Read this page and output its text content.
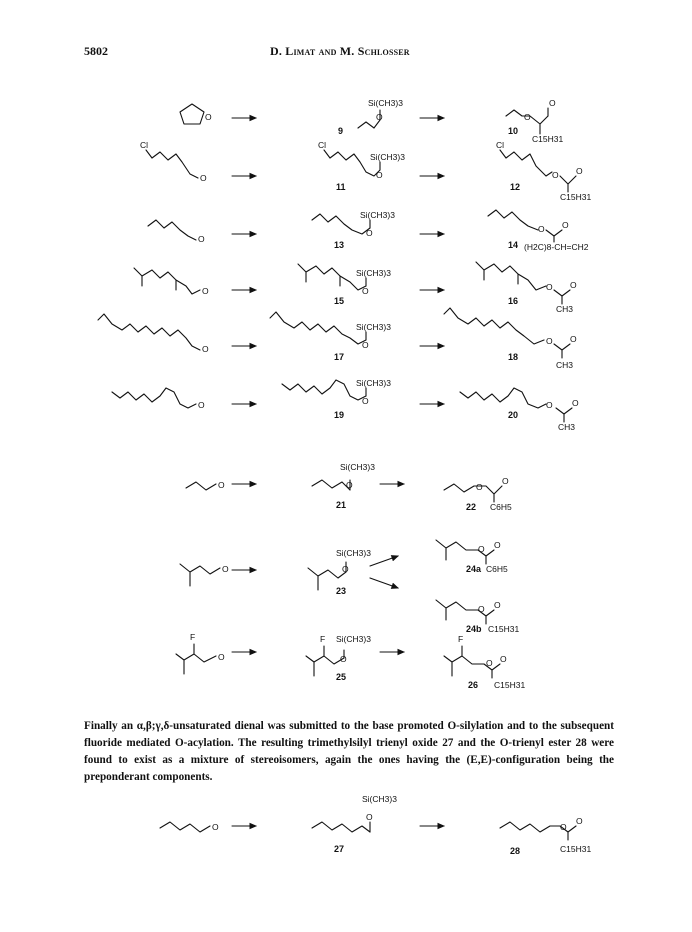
5802	D. Limat and M. Schlosser
O
Si(CH3)3
O	O
O
C15H31
Cl
O
Cl
Si(CH3)3
O
Cl
O O
C15H31
O
Si(CH3)3
O	O O
(H2C)8-CH=CH2
O
Si(CH3)3
O	O O
CH3
O
Si(CH3)3
O	O O
CH3
O
Si(CH3)3
O	O O
CH3
O
Si(CH3)3
O	O
O
C6H5
O
Si(CH3)3
O
O O
C6H5
O O
C15H31
F
O
F Si(CH3)3
O
F
O O
C15H31
O
Si(CH3)3
O
O
O
C15H31
9	10
11	12
13	14
15	16
17	18
19	20
21	22
23
24a
24b
25
26
27	28
Finally an α,β;γ,δ-unsaturated dienal was submitted to the base promoted O-silylation and to the subsequent fluoride mediated O-acylation. The resulting trimethylsilyl trienyl oxide 27 and the O-trienyl ester 28 were found to exist as a mixture of stereoisomers, again the ones having the (E,E)-configuration being the preponderant components.
